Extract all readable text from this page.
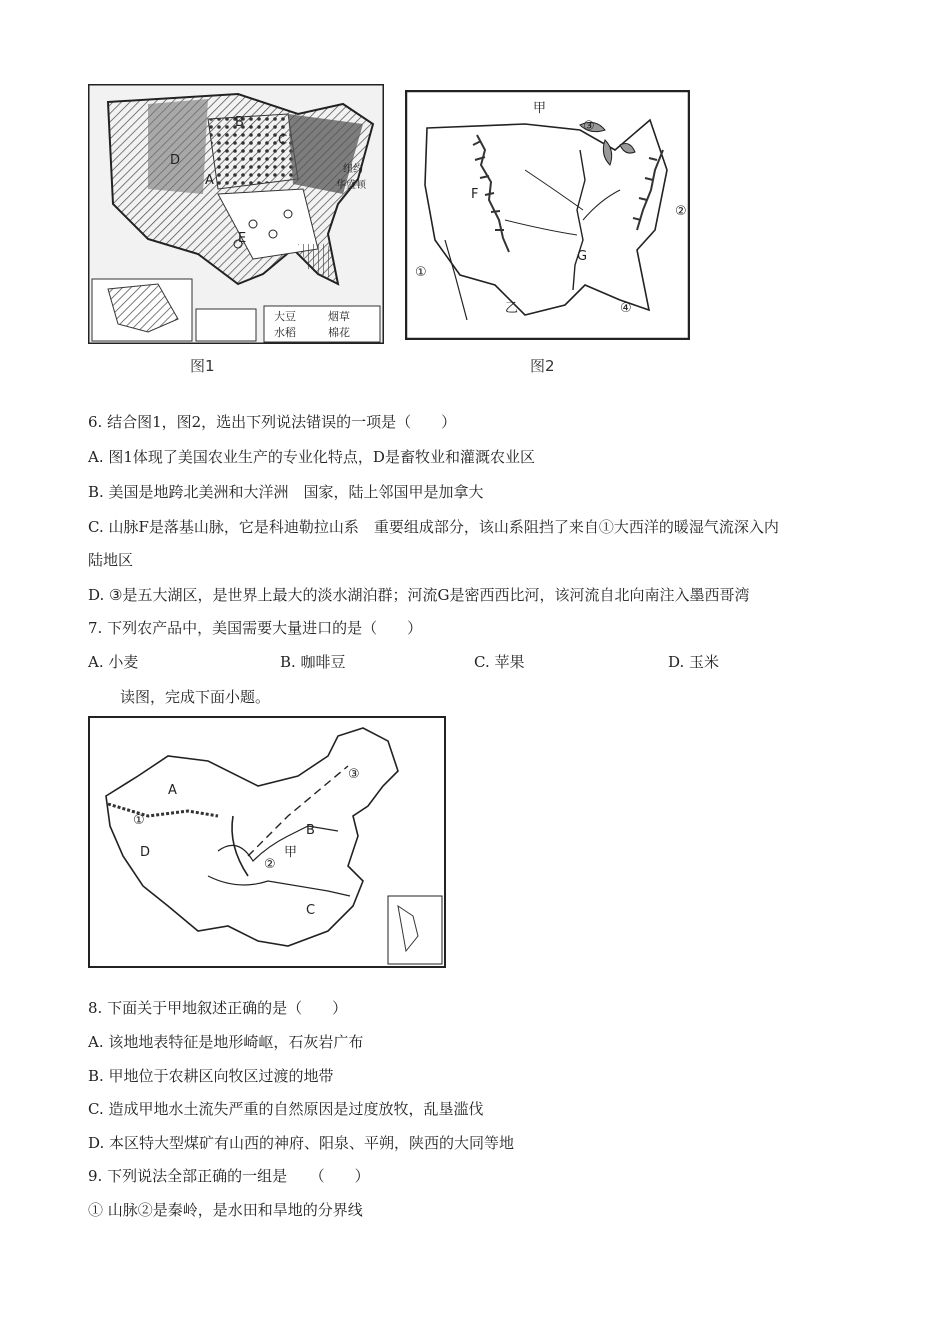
B
C
D
A
E
纽约
华盛顿
大豆	烟草
水稻	棉花
图1
甲
③
F
G
②
①
乙	④
图2
6. 结合图1，图2，选出下列说法错误的一项是（　　）
A. 图1体现了美国农业生产的专业化特点，D是畜牧业和灌溉农业区
B. 美国是地跨北美洲和大洋洲　国家，陆上邻国甲是加拿大
C. 山脉F是落基山脉，它是科迪勒拉山系　重要组成部分，该山系阻挡了来自①大西洋的暖湿气流深入内
陆地区
D. ③是五大湖区，是世界上最大的淡水湖泊群；河流G是密西西比河，该河流自北向南注入墨西哥湾
7. 下列农产品中，美国需要大量进口的是（　　）
A. 小麦	B. 咖啡豆	C. 苹果	D. 玉米
读图，完成下面小题。
A
①
D
B
甲
②
③
C
8. 下面关于甲地叙述正确的是（　　）
A. 该地地表特征是地形崎岖，石灰岩广布
B. 甲地位于农耕区向牧区过渡的地带
C. 造成甲地水土流失严重的自然原因是过度放牧，乱垦滥伐
D. 本区特大型煤矿有山西的神府、阳泉、平朔，陕西的大同等地
9. 下列说法全部正确的一组是　　（　　）
① 山脉②是秦岭，是水田和旱地的分界线
